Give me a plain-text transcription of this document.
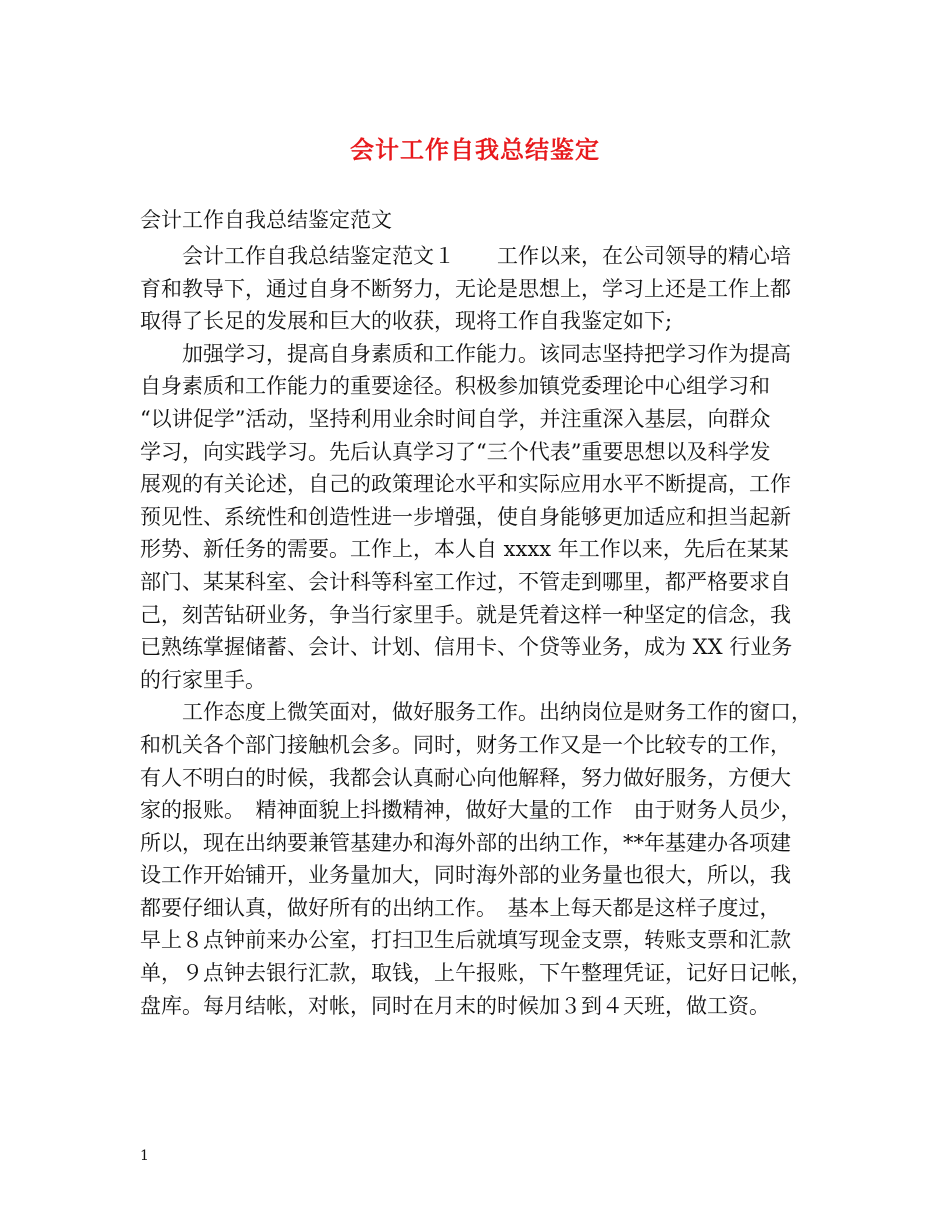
会计工作自我总结鉴定

会计工作自我总结鉴定范文

　　会计工作自我总结鉴定范文１　　工作以来，在公司领导的精心培

育和教导下，通过自身不断努力，无论是思想上，学习上还是工作上都

取得了长足的发展和巨大的收获，现将工作自我鉴定如下;

　　加强学习，提高自身素质和工作能力。该同志坚持把学习作为提高

自身素质和工作能力的重要途径。积极参加镇党委理论中心组学习和

“以讲促学”活动，坚持利用业余时间自学，并注重深入基层，向群众

学习，向实践学习。先后认真学习了“三个代表”重要思想以及科学发

展观的有关论述，自己的政策理论水平和实际应用水平不断提高，工作

预见性、系统性和创造性进一步增强，使自身能够更加适应和担当起新

形势、新任务的需要。工作上，本人自 xxxx 年工作以来，先后在某某

部门、某某科室、会计科等科室工作过，不管走到哪里，都严格要求自

己，刻苦钻研业务，争当行家里手。就是凭着这样一种坚定的信念，我

已熟练掌握储蓄、会计、计划、信用卡、个贷等业务，成为 XX 行业务

的行家里手。

　　工作态度上微笑面对，做好服务工作。出纳岗位是财务工作的窗口，

和机关各个部门接触机会多。同时，财务工作又是一个比较专的工作，

有人不明白的时候，我都会认真耐心向他解释，努力做好服务，方便大

家的报账。　精神面貌上抖擞精神，做好大量的工作　由于财务人员少，

所以，现在出纳要兼管基建办和海外部的出纳工作，**年基建办各项建

设工作开始铺开，业务量加大，同时海外部的业务量也很大，所以，我

都要仔细认真，做好所有的出纳工作。　基本上每天都是这样子度过，

早上８点钟前来办公室，打扫卫生后就填写现金支票，转账支票和汇款

单，９点钟去银行汇款，取钱，上午报账，下午整理凭证，记好日记帐，

盘库。每月结帐，对帐，同时在月末的时候加３到４天班，做工资。

1
